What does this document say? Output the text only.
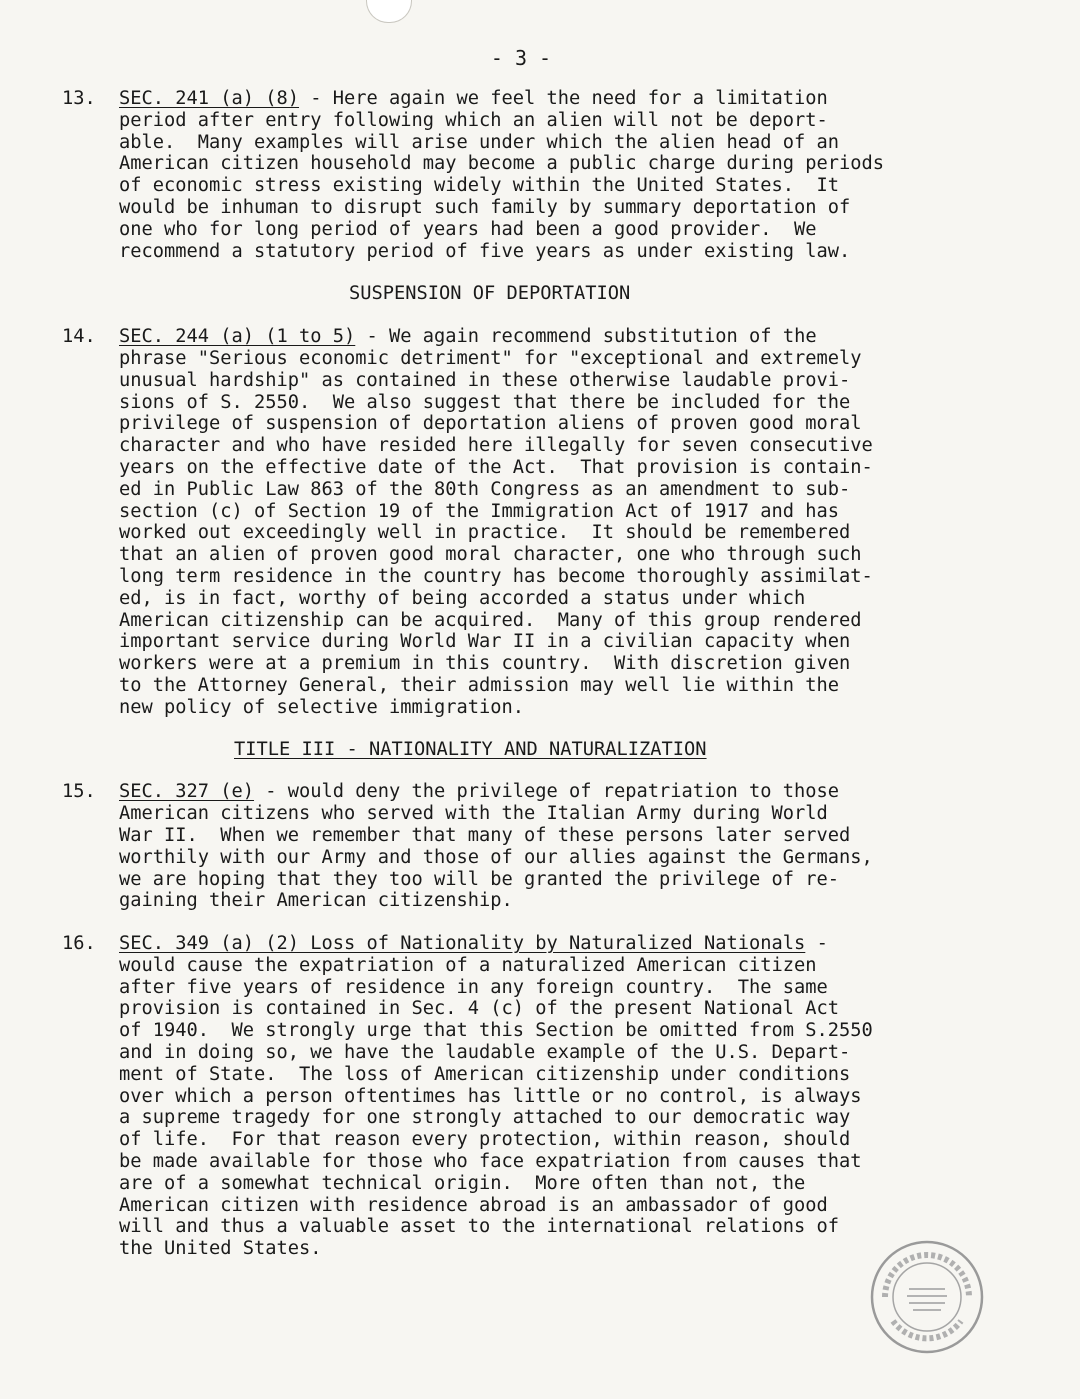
- 3 -
13.	SEC. 241 (a) (8) - Here again we feel the need for a limitation
period after entry following which an alien will not be deport-
able.  Many examples will arise under which the alien head of an
American citizen household may become a public charge during periods
of economic stress existing widely within the United States.  It
would be inhuman to disrupt such family by summary deportation of
one who for long period of years had been a good provider.  We
recommend a statutory period of five years as under existing law.
SUSPENSION OF DEPORTATION
14.	SEC. 244 (a) (1 to 5) - We again recommend substitution of the
phrase "Serious economic detriment" for "exceptional and extremely
unusual hardship" as contained in these otherwise laudable provi-
sions of S. 2550.  We also suggest that there be included for the
privilege of suspension of deportation aliens of proven good moral
character and who have resided here illegally for seven consecutive
years on the effective date of the Act.  That provision is contain-
ed in Public Law 863 of the 80th Congress as an amendment to sub-
section (c) of Section 19 of the Immigration Act of 1917 and has
worked out exceedingly well in practice.  It should be remembered
that an alien of proven good moral character, one who through such
long term residence in the country has become thoroughly assimilat-
ed, is in fact, worthy of being accorded a status under which
American citizenship can be acquired.  Many of this group rendered
important service during World War II in a civilian capacity when
workers were at a premium in this country.  With discretion given
to the Attorney General, their admission may well lie within the
new policy of selective immigration.
TITLE III - NATIONALITY AND NATURALIZATION
15.	SEC. 327 (e) - would deny the privilege of repatriation to those
American citizens who served with the Italian Army during World
War II.  When we remember that many of these persons later served
worthily with our Army and those of our allies against the Germans,
we are hoping that they too will be granted the privilege of re-
gaining their American citizenship.
16.	SEC. 349 (a) (2) Loss of Nationality by Naturalized Nationals -
would cause the expatriation of a naturalized American citizen
after five years of residence in any foreign country.  The same
provision is contained in Sec. 4 (c) of the present National Act
of 1940.  We strongly urge that this Section be omitted from S.2550
and in doing so, we have the laudable example of the U.S. Depart-
ment of State.  The loss of American citizenship under conditions
over which a person oftentimes has little or no control, is always
a supreme tragedy for one strongly attached to our democratic way
of life.  For that reason every protection, within reason, should
be made available for those who face expatriation from causes that
are of a somewhat technical origin.  More often than not, the
American citizen with residence abroad is an ambassador of good
will and thus a valuable asset to the international relations of
the United States.
